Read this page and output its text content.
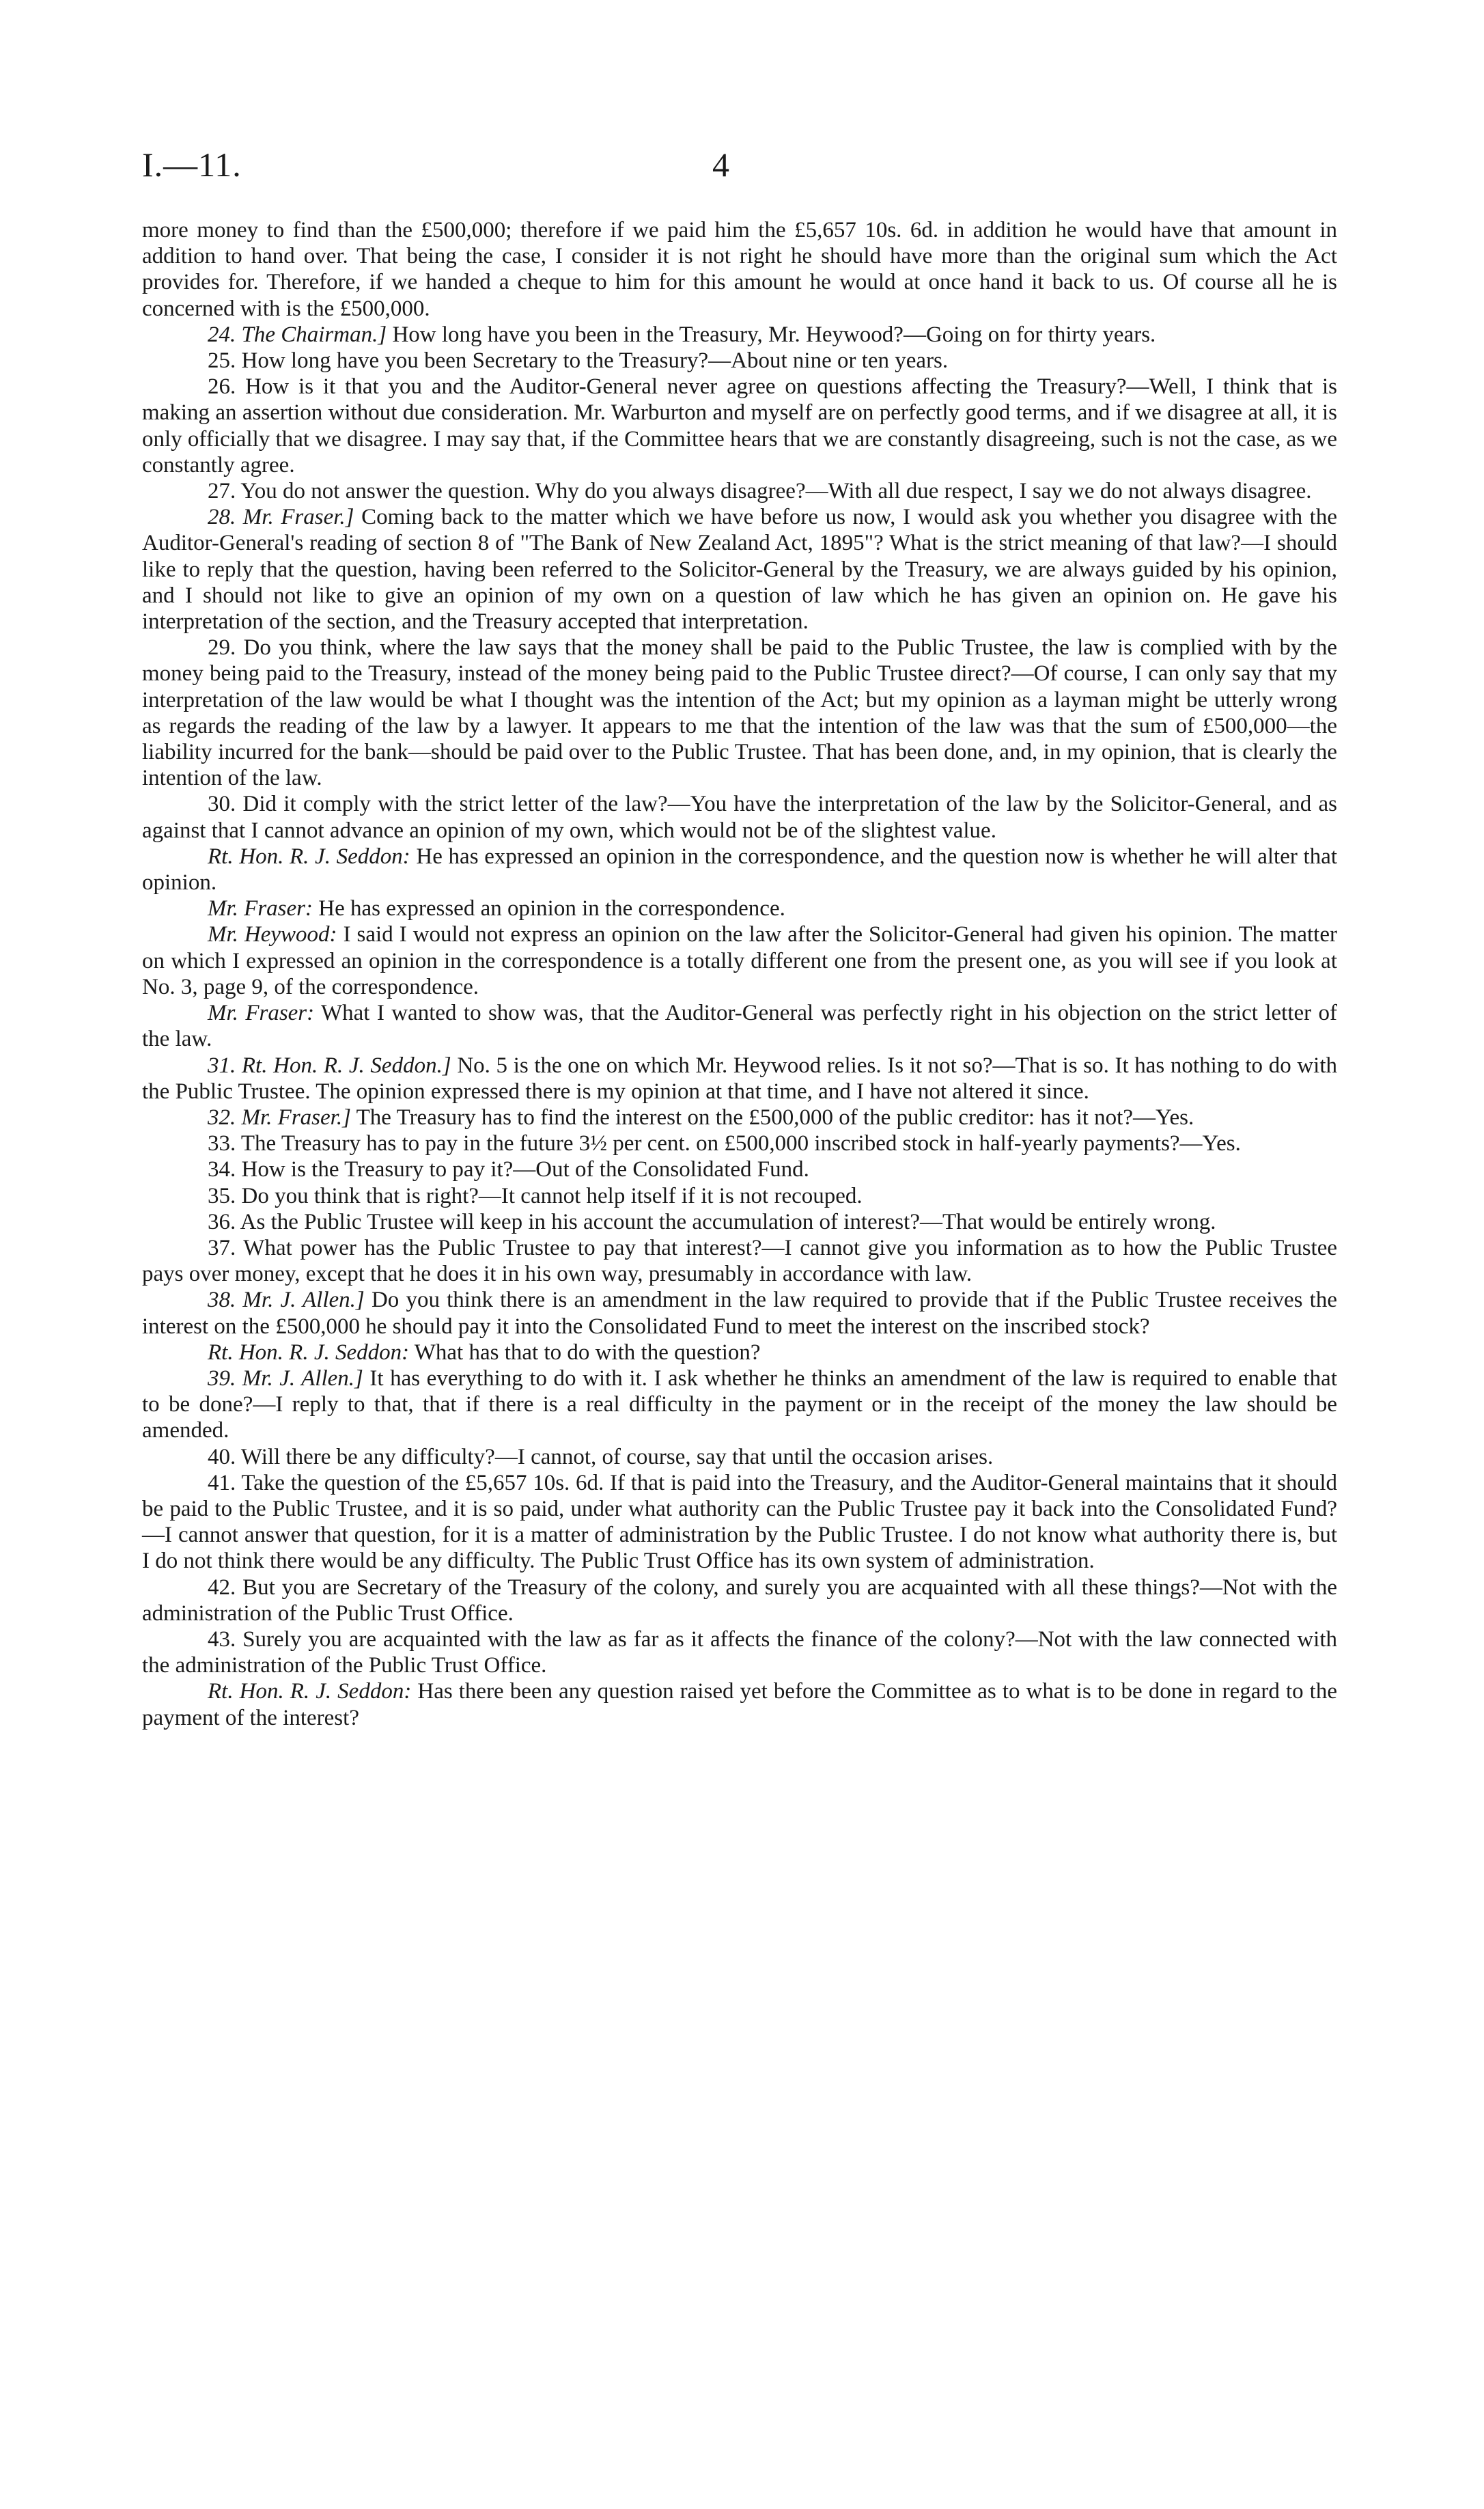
I.—11.	4

more money to find than the £500,000; therefore if we paid him the £5,657 10s. 6d. in addition he would have that amount in addition to hand over. That being the case, I consider it is not right he should have more than the original sum which the Act provides for. Therefore, if we handed a cheque to him for this amount he would at once hand it back to us. Of course all he is concerned with is the £500,000.

24. The Chairman.] How long have you been in the Treasury, Mr. Heywood?—Going on for thirty years.

25. How long have you been Secretary to the Treasury?—About nine or ten years.

26. How is it that you and the Auditor-General never agree on questions affecting the Treasury?—Well, I think that is making an assertion without due consideration. Mr. Warburton and myself are on perfectly good terms, and if we disagree at all, it is only officially that we disagree. I may say that, if the Committee hears that we are constantly disagreeing, such is not the case, as we constantly agree.

27. You do not answer the question. Why do you always disagree?—With all due respect, I say we do not always disagree.

28. Mr. Fraser.] Coming back to the matter which we have before us now, I would ask you whether you disagree with the Auditor-General's reading of section 8 of "The Bank of New Zealand Act, 1895"? What is the strict meaning of that law?—I should like to reply that the question, having been referred to the Solicitor-General by the Treasury, we are always guided by his opinion, and I should not like to give an opinion of my own on a question of law which he has given an opinion on. He gave his interpretation of the section, and the Treasury accepted that interpretation.

29. Do you think, where the law says that the money shall be paid to the Public Trustee, the law is complied with by the money being paid to the Treasury, instead of the money being paid to the Public Trustee direct?—Of course, I can only say that my interpretation of the law would be what I thought was the intention of the Act; but my opinion as a layman might be utterly wrong as regards the reading of the law by a lawyer. It appears to me that the intention of the law was that the sum of £500,000—the liability incurred for the bank—should be paid over to the Public Trustee. That has been done, and, in my opinion, that is clearly the intention of the law.

30. Did it comply with the strict letter of the law?—You have the interpretation of the law by the Solicitor-General, and as against that I cannot advance an opinion of my own, which would not be of the slightest value.

Rt. Hon. R. J. Seddon: He has expressed an opinion in the correspondence, and the question now is whether he will alter that opinion.

Mr. Fraser: He has expressed an opinion in the correspondence.

Mr. Heywood: I said I would not express an opinion on the law after the Solicitor-General had given his opinion. The matter on which I expressed an opinion in the correspondence is a totally different one from the present one, as you will see if you look at No. 3, page 9, of the correspondence.

Mr. Fraser: What I wanted to show was, that the Auditor-General was perfectly right in his objection on the strict letter of the law.

31. Rt. Hon. R. J. Seddon.] No. 5 is the one on which Mr. Heywood relies. Is it not so?—That is so. It has nothing to do with the Public Trustee. The opinion expressed there is my opinion at that time, and I have not altered it since.

32. Mr. Fraser.] The Treasury has to find the interest on the £500,000 of the public creditor: has it not?—Yes.

33. The Treasury has to pay in the future 3½ per cent. on £500,000 inscribed stock in half-yearly payments?—Yes.

34. How is the Treasury to pay it?—Out of the Consolidated Fund.

35. Do you think that is right?—It cannot help itself if it is not recouped.

36. As the Public Trustee will keep in his account the accumulation of interest?—That would be entirely wrong.

37. What power has the Public Trustee to pay that interest?—I cannot give you information as to how the Public Trustee pays over money, except that he does it in his own way, presumably in accordance with law.

38. Mr. J. Allen.] Do you think there is an amendment in the law required to provide that if the Public Trustee receives the interest on the £500,000 he should pay it into the Consolidated Fund to meet the interest on the inscribed stock?

Rt. Hon. R. J. Seddon: What has that to do with the question?

39. Mr. J. Allen.] It has everything to do with it. I ask whether he thinks an amendment of the law is required to enable that to be done?—I reply to that, that if there is a real difficulty in the payment or in the receipt of the money the law should be amended.

40. Will there be any difficulty?—I cannot, of course, say that until the occasion arises.

41. Take the question of the £5,657 10s. 6d. If that is paid into the Treasury, and the Auditor-General maintains that it should be paid to the Public Trustee, and it is so paid, under what authority can the Public Trustee pay it back into the Consolidated Fund?—I cannot answer that question, for it is a matter of administration by the Public Trustee. I do not know what authority there is, but I do not think there would be any difficulty. The Public Trust Office has its own system of administration.

42. But you are Secretary of the Treasury of the colony, and surely you are acquainted with all these things?—Not with the administration of the Public Trust Office.

43. Surely you are acquainted with the law as far as it affects the finance of the colony?—Not with the law connected with the administration of the Public Trust Office.

Rt. Hon. R. J. Seddon: Has there been any question raised yet before the Committee as to what is to be done in regard to the payment of the interest?
